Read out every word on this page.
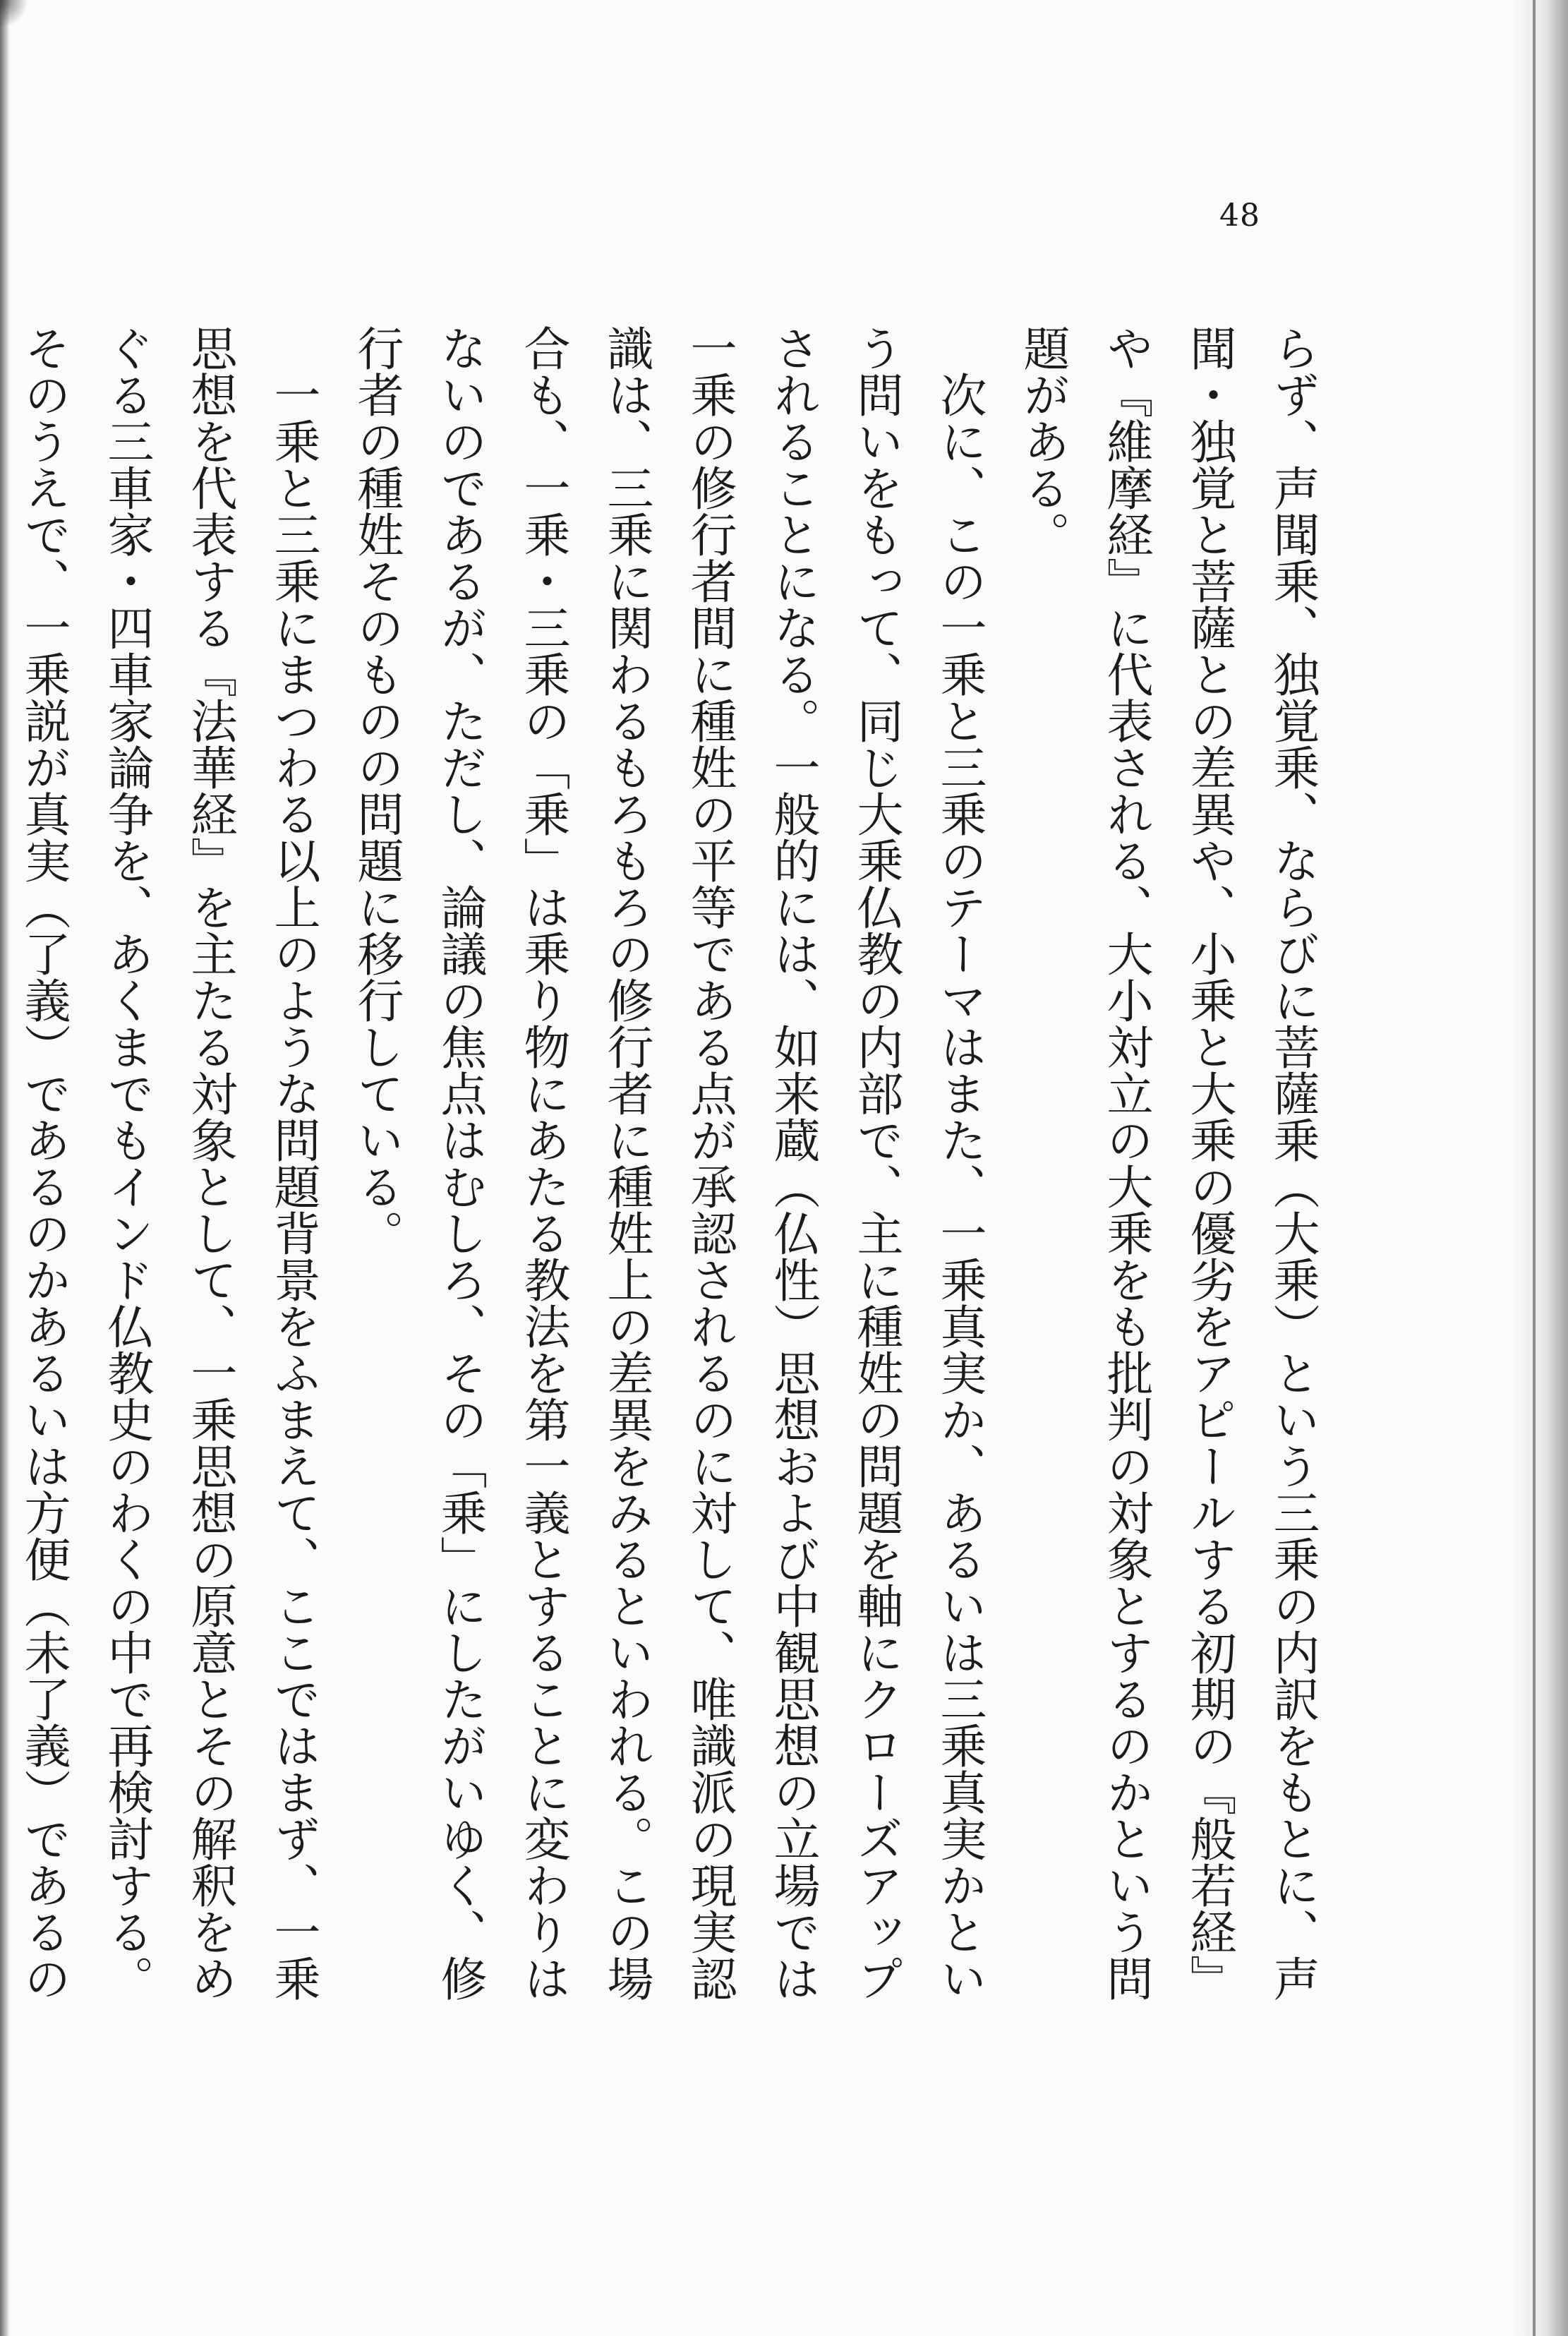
48

らず、声聞乗、独覚乗、ならびに菩薩乗（大乗）という三乗の内訳をもとに、声聞・独覚と菩薩との差異や、小乗と大乗の優劣をアピールする初期の『般若経』や『維摩経』に代表される、大小対立の大乗をも批判の対象とするのかという問題がある。

次に、この一乗と三乗のテーマはまた、一乗真実か、あるいは三乗真実かという問いをもって、同じ大乗仏教の内部で、主に種姓の問題を軸にクローズアップされることになる。一般的には、如来蔵（仏性）思想および中観思想の立場では一乗の修行者間に種姓の平等である点が承認されるのに対して、唯識派の現実認識は、三乗に関わるもろもろの修行者に種姓上の差異をみるといわれる。この場合も、一乗・三乗の「乗」は乗り物にあたる教法を第一義とすることに変わりはないのであるが、ただし、論議の焦点はむしろ、その「乗」にしたがいゆく、修行者の種姓そのものの問題に移行している。

一乗と三乗にまつわる以上のような問題背景をふまえて、ここではまず、一乗思想を代表する『法華経』を主たる対象として、一乗思想の原意とその解釈をめぐる三車家・四車家論争を、あくまでもインド仏教史のわくの中で再検討する。そのうえで、一乗説が真実（了義）であるのかあるいは方便（未了義）であるの
